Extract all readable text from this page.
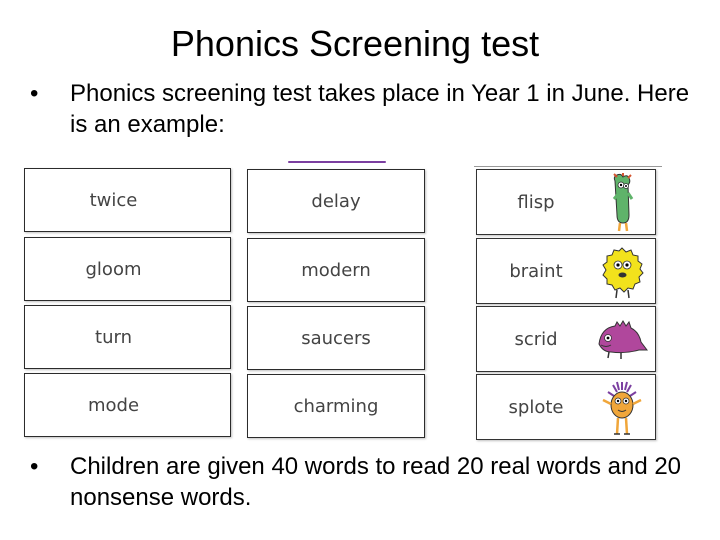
Phonics Screening test
• Phonics screening test takes place in Year 1 in June. Here is an example:
twice
gloom
turn
mode
delay
modern
saucers
charming
flisp
braint
scrid
splote
• Children are given 40 words to read 20 real words and 20 nonsense words.
